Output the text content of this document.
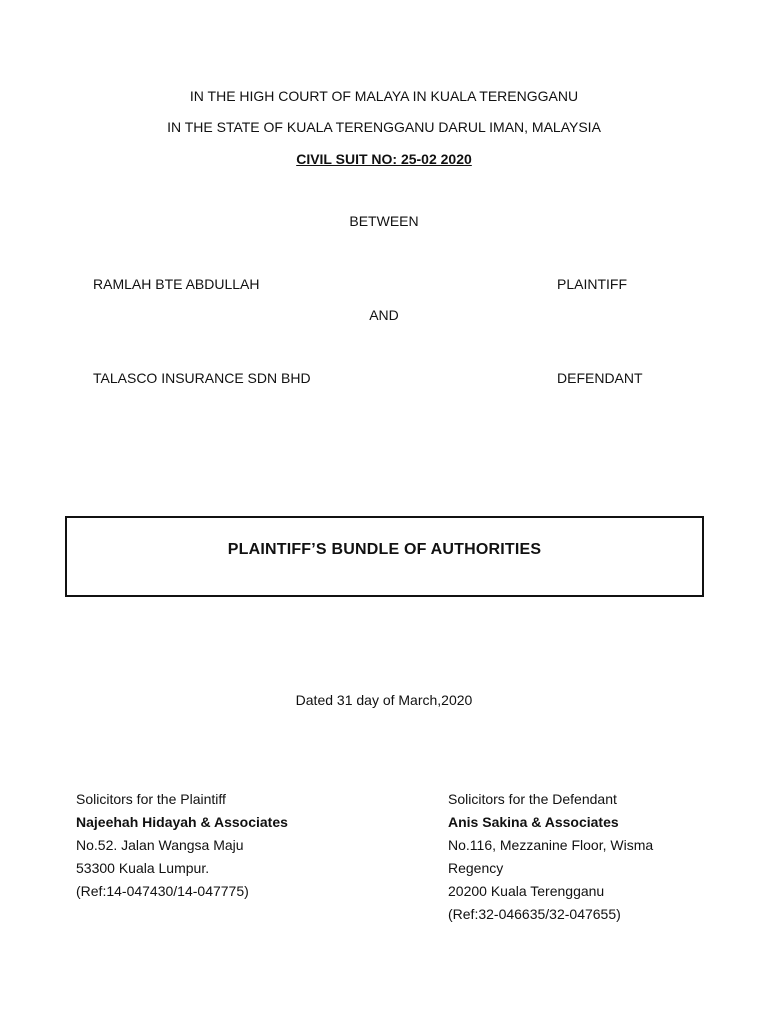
IN THE HIGH COURT OF MALAYA IN KUALA TERENGGANU
IN THE STATE OF KUALA TERENGGANU DARUL IMAN, MALAYSIA
CIVIL SUIT NO: 25-02 2020
BETWEEN
RAMLAH BTE ABDULLAH	PLAINTIFF
AND
TALASCO INSURANCE SDN BHD	DEFENDANT
PLAINTIFF’S BUNDLE OF AUTHORITIES
Dated 31 day of March,2020
Solicitors for the Plaintiff
Najeehah Hidayah & Associates
No.52. Jalan Wangsa Maju
53300 Kuala Lumpur.
(Ref:14-047430/14-047775)
Solicitors for the Defendant
Anis Sakina & Associates
No.116, Mezzanine Floor, Wisma
Regency
20200 Kuala Terengganu
(Ref:32-046635/32-047655)
